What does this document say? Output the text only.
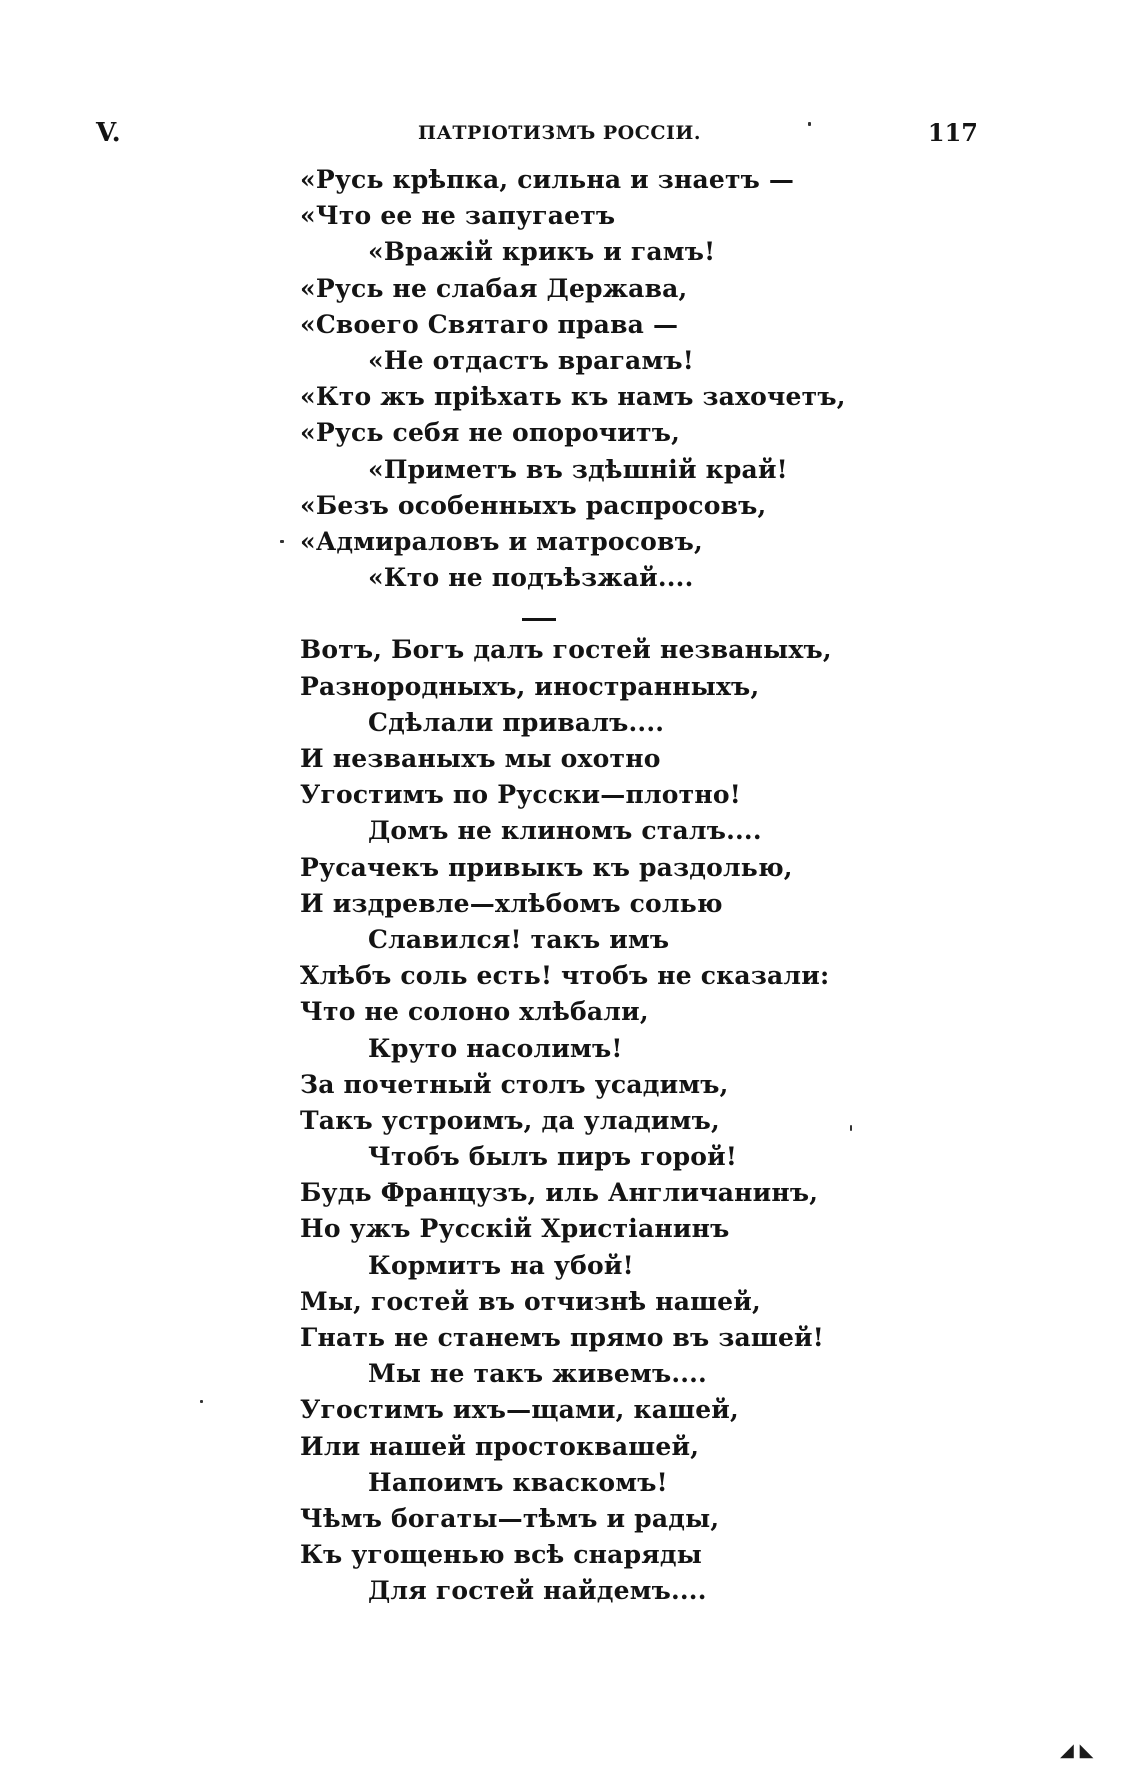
V.	ПАТРІОТИЗМЪ РОССІИ.	117
«Русь крѣпка, сильна и знаетъ —
«Что ее не запугаетъ
«Вражій крикъ и гамъ!
«Русь не слабая Держава,
«Своего Святаго права —
«Не отдастъ врагамъ!
«Кто жъ пріѣхать къ намъ захочетъ,
«Русь себя не опорочитъ,
«Приметъ въ здѣшній край!
«Безъ особенныхъ распросовъ,
«Адмираловъ и матросовъ,
«Кто не подъѣзжай....
Вотъ, Богъ далъ гостей незваныхъ,
Разнородныхъ, иностранныхъ,
Сдѣлали привалъ....
И незваныхъ мы охотно
Угостимъ по Русски—плотно!
Домъ не клиномъ сталъ....
Русачекъ привыкъ къ раздолью,
И издревле—хлѣбомъ солью
Славился! такъ имъ
Хлѣбъ соль есть! чтобъ не сказали:
Что не солоно хлѣбали,
Круто насолимъ!
За почетный столъ усадимъ,
Такъ устроимъ, да уладимъ,
Чтобъ былъ пиръ горой!
Будь Французъ, иль Англичанинъ,
Но ужъ Русскій Христіанинъ
Кормитъ на убой!
Мы, гостей въ отчизнѣ нашей,
Гнать не станемъ прямо въ зашей!
Мы не такъ живемъ....
Угостимъ ихъ—щами, кашей,
Или нашей простоквашей,
Напоимъ квaскомъ!
Чѣмъ богаты—тѣмъ и рады,
Къ угощенью всѣ снаряды
Для гостей найдемъ....
◢ ◣
